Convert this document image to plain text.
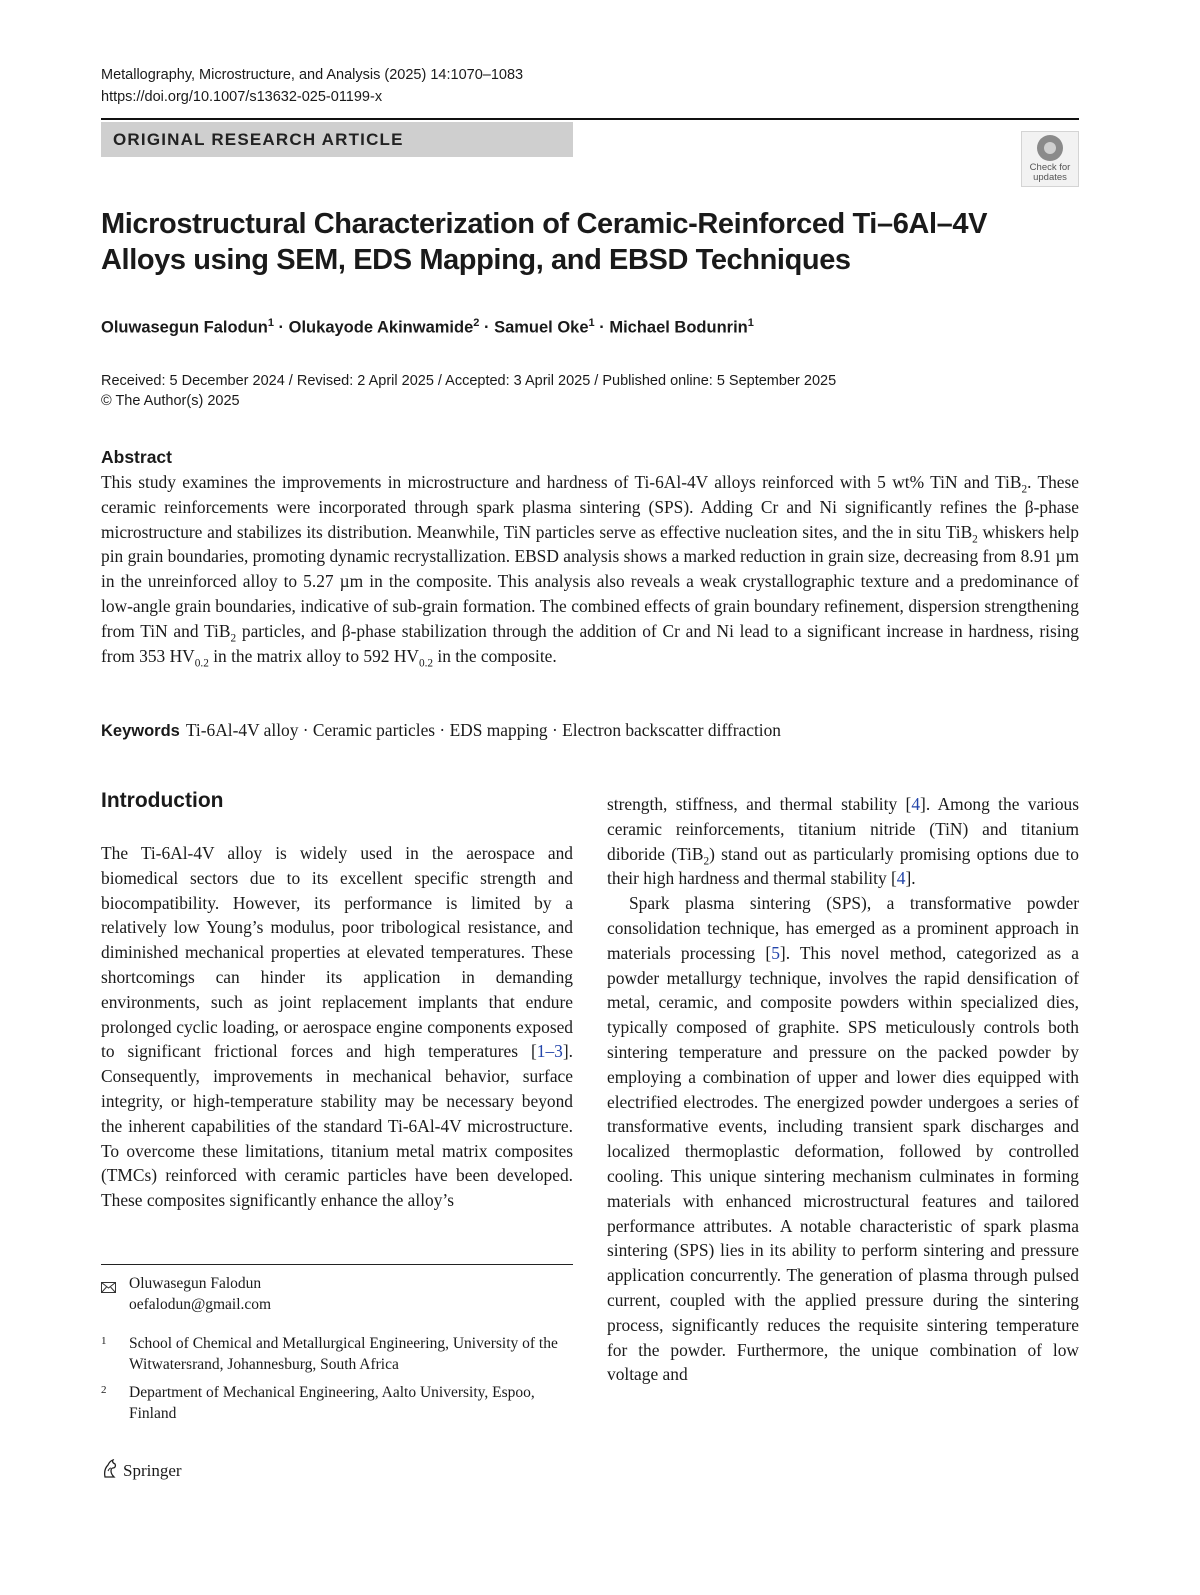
Metallography, Microstructure, and Analysis (2025) 14:1070–1083
https://doi.org/10.1007/s13632-025-01199-x
ORIGINAL RESEARCH ARTICLE
Check for
updates
Microstructural Characterization of Ceramic-Reinforced Ti–6Al–4V
Alloys using SEM, EDS Mapping, and EBSD Techniques
Oluwasegun Falodun$^1$ · Olukayode Akinwamide$^2$ · Samuel Oke$^1$ · Michael Bodunrin$^1$
Received: 5 December 2024 / Revised: 2 April 2025 / Accepted: 3 April 2025 / Published online: 5 September 2025
© The Author(s) 2025
Abstract
This study examines the improvements in microstructure and hardness of Ti-6Al-4V alloys reinforced with 5 wt% TiN and TiB$_2$. These ceramic reinforcements were incorporated through spark plasma sintering (SPS). Adding Cr and Ni significantly refines the β-phase microstructure and stabilizes its distribution. Meanwhile, TiN particles serve as effective nucleation sites, and the in situ TiB$_2$ whiskers help pin grain boundaries, promoting dynamic recrystallization. EBSD analysis shows a marked reduction in grain size, decreasing from 8.91 µm in the unreinforced alloy to 5.27 µm in the composite. This analysis also reveals a weak crystallographic texture and a predominance of low-angle grain boundaries, indicative of sub-grain formation. The combined effects of grain boundary refinement, dispersion strengthening from TiN and TiB$_2$ particles, and β-phase stabilization through the addition of Cr and Ni lead to a significant increase in hardness, rising from 353 $HV_{0.2}$ in the matrix alloy to 592 $HV_{0.2}$ in the composite.
Keywords Ti-6Al-4V alloy · Ceramic particles · EDS mapping · Electron backscatter diffraction
Introduction

The Ti-6Al-4V alloy is widely used in the aerospace and biomedical sectors due to its excellent specific strength and biocompatibility. However, its performance is limited by a relatively low Young’s modulus, poor tribological resistance, and diminished mechanical properties at elevated temperatures. These shortcomings can hinder its application in demanding environments, such as joint replacement implants that endure prolonged cyclic loading, or aerospace engine components exposed to significant frictional forces and high temperatures [1–3]. Consequently, improvements in mechanical behavior, surface integrity, or high-temperature stability may be necessary beyond the inherent capabilities of the standard Ti-6Al-4V microstructure. To overcome these limitations, titanium metal matrix composites (TMCs) reinforced with ceramic particles have been developed. These composites significantly enhance the alloy’s

strength, stiffness, and thermal stability [4]. Among the various ceramic reinforcements, titanium nitride (TiN) and titanium diboride (TiB$_2$) stand out as particularly promising options due to their high hardness and thermal stability [4].

Spark plasma sintering (SPS), a transformative powder consolidation technique, has emerged as a prominent approach in materials processing [5]. This novel method, categorized as a powder metallurgy technique, involves the rapid densification of metal, ceramic, and composite powders within specialized dies, typically composed of graphite. SPS meticulously controls both sintering temperature and pressure on the packed powder by employing a combination of upper and lower dies equipped with electrified electrodes. The energized powder undergoes a series of transformative events, including transient spark discharges and localized thermoplastic deformation, followed by controlled cooling. This unique sintering mechanism culminates in forming materials with enhanced microstructural features and tailored performance attributes. A notable characteristic of spark plasma sintering (SPS) lies in its ability to perform sintering and pressure application concurrently. The generation of plasma through pulsed current, coupled with the applied pressure during the sintering process, significantly reduces the requisite sintering temperature for the powder. Furthermore, the unique combination of low voltage and

Oluwasegun Falodun
oefalodun@gmail.com
1 School of Chemical and Metallurgical Engineering, University of the Witwatersrand, Johannesburg, South Africa
2 Department of Mechanical Engineering, Aalto University, Espoo, Finland
Springer
